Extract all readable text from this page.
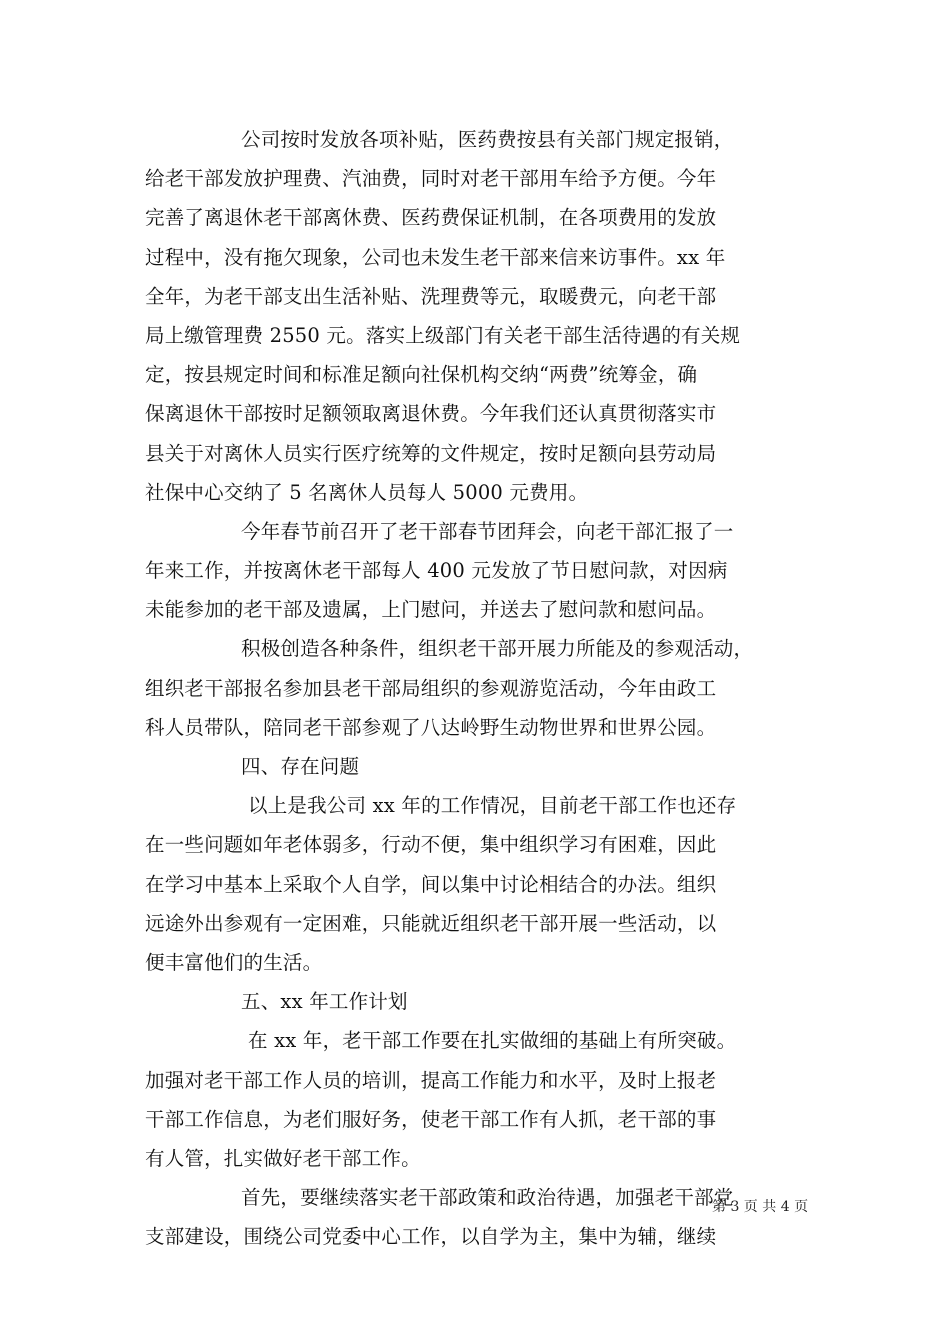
公司按时发放各项补贴，医药费按县有关部门规定报销，
给老干部发放护理费、汽油费，同时对老干部用车给予方便。今年
完善了离退休老干部离休费、医药费保证机制，在各项费用的发放
过程中，没有拖欠现象，公司也未发生老干部来信来访事件。xx 年
全年，为老干部支出生活补贴、洗理费等元，取暖费元，向老干部
局上缴管理费 2550 元。落实上级部门有关老干部生活待遇的有关规
定，按县规定时间和标准足额向社保机构交纳“两费”统筹金，确
保离退休干部按时足额领取离退休费。今年我们还认真贯彻落实市
县关于对离休人员实行医疗统筹的文件规定，按时足额向县劳动局
社保中心交纳了 5 名离休人员每人 5000 元费用。
今年春节前召开了老干部春节团拜会，向老干部汇报了一
年来工作，并按离休老干部每人 400 元发放了节日慰问款，对因病
未能参加的老干部及遗属，上门慰问，并送去了慰问款和慰问品。
积极创造各种条件，组织老干部开展力所能及的参观活动，
组织老干部报名参加县老干部局组织的参观游览活动，今年由政工
科人员带队，陪同老干部参观了八达岭野生动物世界和世界公园。
四、存在问题
以上是我公司 xx 年的工作情况，目前老干部工作也还存
在一些问题如年老体弱多，行动不便，集中组织学习有困难，因此
在学习中基本上采取个人自学，间以集中讨论相结合的办法。组织
远途外出参观有一定困难，只能就近组织老干部开展一些活动，以
便丰富他们的生活。
五、xx 年工作计划
在 xx 年，老干部工作要在扎实做细的基础上有所突破。
加强对老干部工作人员的培训，提高工作能力和水平，及时上报老
干部工作信息，为老们服好务，使老干部工作有人抓，老干部的事
有人管，扎实做好老干部工作。
首先，要继续落实老干部政策和政治待遇，加强老干部党
支部建设，围绕公司党委中心工作，以自学为主，集中为辅，继续
第 3 页 共 4 页
